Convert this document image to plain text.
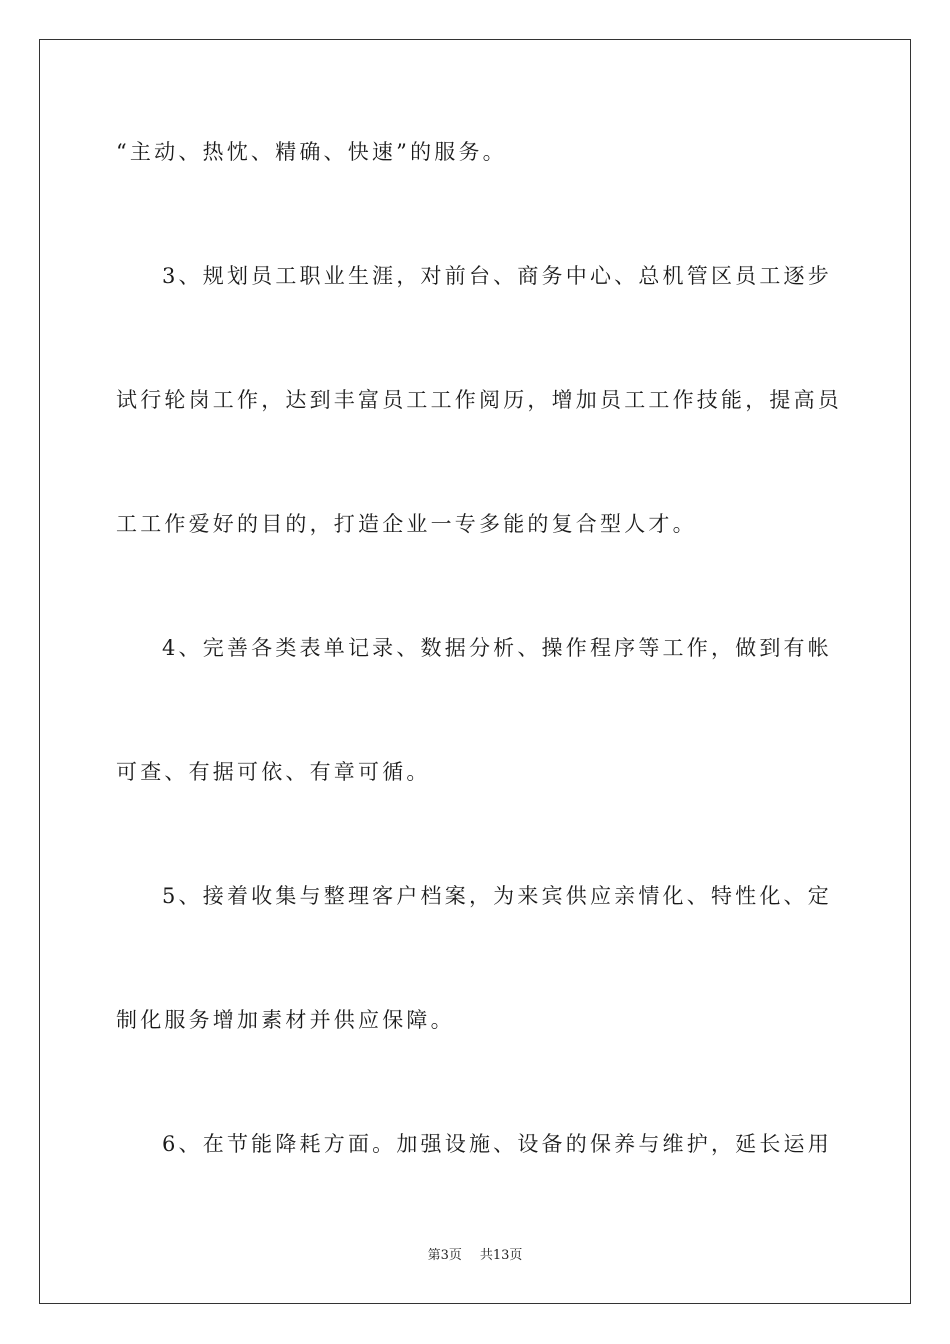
“主动、热忱、精确、快速”的服务。

3、规划员工职业生涯，对前台、商务中心、总机管区员工逐步

试行轮岗工作，达到丰富员工工作阅历，增加员工工作技能，提高员

工工作爱好的目的，打造企业一专多能的复合型人才。

4、完善各类表单记录、数据分析、操作程序等工作，做到有帐

可查、有据可依、有章可循。

5、接着收集与整理客户档案，为来宾供应亲情化、特性化、定

制化服务增加素材并供应保障。

6、在节能降耗方面。加强设施、设备的保养与维护，延长运用

第3页 共13页
